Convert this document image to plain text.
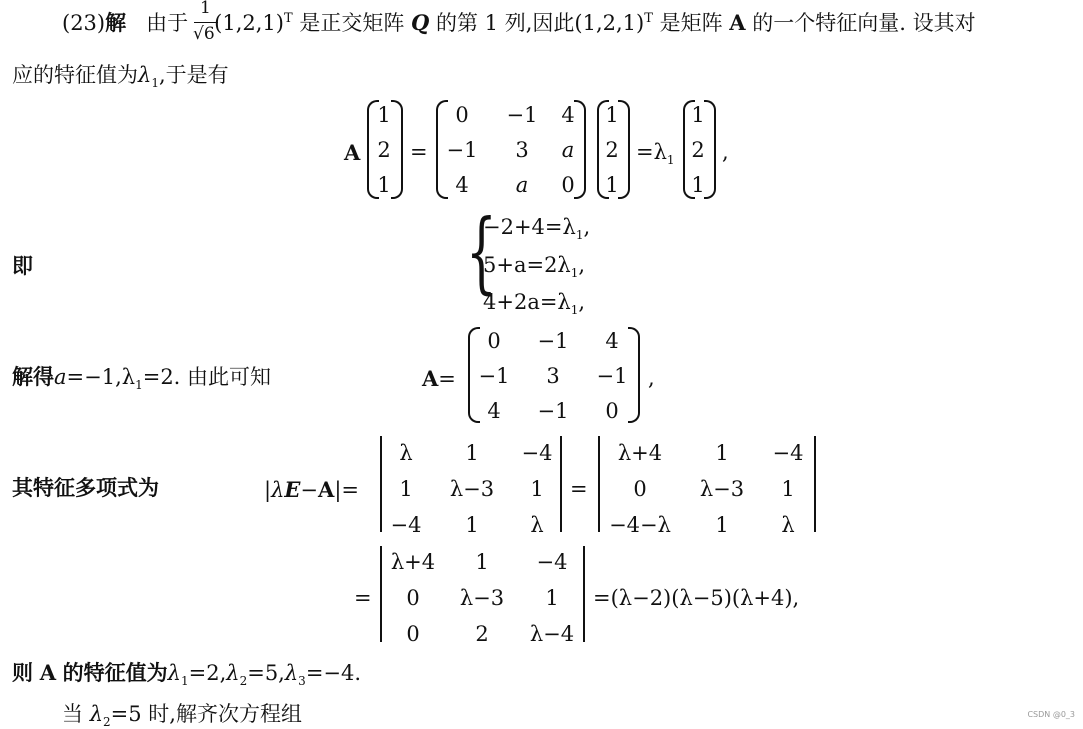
(23)解 由于 $(1,2,1)^T$ 是正交矩阵 Q 的第 1 列,因此$(1,2,1)^T$ 是矩阵 A 的一个特征向量. 设其对
1
√6
应的特征值为$\lambda_1$,于是有
A
1
2
1
=
0 −1 4
−1 3 a
4 a 0
1
2
1
$=\lambda_1$
1
2
1
,
即	{
$-2+4=\lambda_1$,
$5+a=2\lambda_1$,
$4+2a=\lambda_1$,
解得$a=-1,\lambda_1=2$. 由此可知	A=
0 −1 4
−1 3 −1
4 −1 0
,
其特征多项式为	|λE−A|=
λ	1 −4
1 λ−3 1
−4 1 λ
=
λ+4	1 −4
0	λ−3 1
−4−λ 1	λ
=
λ+4 1 −4
0 λ−3 1
0	2 λ−4
=(λ−2)(λ−5)(λ+4),
则 A 的特征值为$\lambda_1=2,\lambda_2=5,\lambda_3=-4$.
当 $\lambda_2=5$ 时,解齐次方程组	CSDN @0_3
